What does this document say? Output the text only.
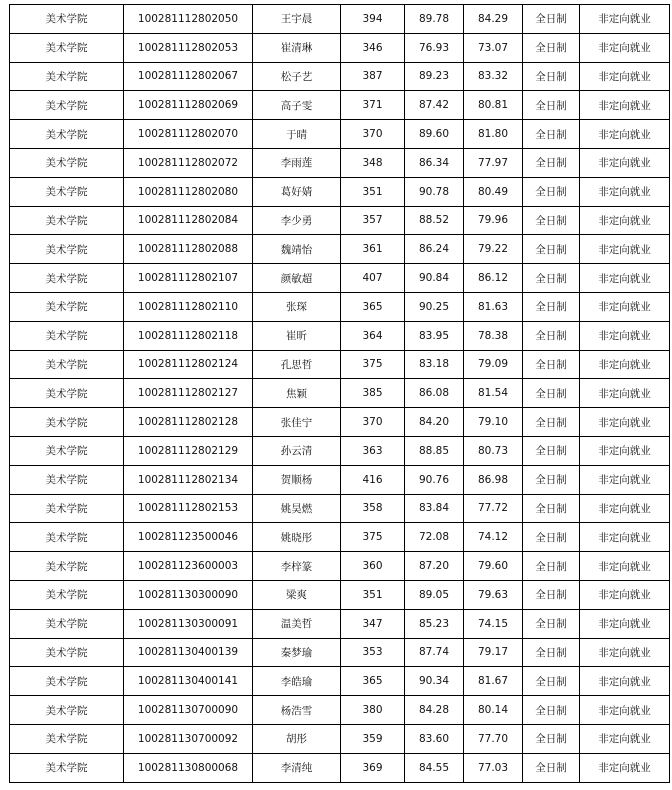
美术学院	100281112802050	王宇晨	394	89.78	84.29	全日制	非定向就业
美术学院	100281112802053	崔清琳	346	76.93	73.07	全日制	非定向就业
美术学院	100281112802067	松子艺	387	89.23	83.32	全日制	非定向就业
美术学院	100281112802069	高子雯	371	87.42	80.81	全日制	非定向就业
美术学院	100281112802070	于晴	370	89.60	81.80	全日制	非定向就业
美术学院	100281112802072	李雨莲	348	86.34	77.97	全日制	非定向就业
美术学院	100281112802080	葛好婧	351	90.78	80.49	全日制	非定向就业
美术学院	100281112802084	李少勇	357	88.52	79.96	全日制	非定向就业
美术学院	100281112802088	魏靖怡	361	86.24	79.22	全日制	非定向就业
美术学院	100281112802107	颜敏超	407	90.84	86.12	全日制	非定向就业
美术学院	100281112802110	张琛	365	90.25	81.63	全日制	非定向就业
美术学院	100281112802118	崔昕	364	83.95	78.38	全日制	非定向就业
美术学院	100281112802124	孔思哲	375	83.18	79.09	全日制	非定向就业
美术学院	100281112802127	焦颖	385	86.08	81.54	全日制	非定向就业
美术学院	100281112802128	张佳宁	370	84.20	79.10	全日制	非定向就业
美术学院	100281112802129	孙云清	363	88.85	80.73	全日制	非定向就业
美术学院	100281112802134	贺顺杨	416	90.76	86.98	全日制	非定向就业
美术学院	100281112802153	姚昊燃	358	83.84	77.72	全日制	非定向就业
美术学院	100281123500046	姚晓彤	375	72.08	74.12	全日制	非定向就业
美术学院	100281123600003	李梓篆	360	87.20	79.60	全日制	非定向就业
美术学院	100281130300090	梁爽	351	89.05	79.63	全日制	非定向就业
美术学院	100281130300091	温美哲	347	85.23	74.15	全日制	非定向就业
美术学院	100281130400139	秦梦瑜	353	87.74	79.17	全日制	非定向就业
美术学院	100281130400141	李皓瑜	365	90.34	81.67	全日制	非定向就业
美术学院	100281130700090	杨浩雪	380	84.28	80.14	全日制	非定向就业
美术学院	100281130700092	胡彤	359	83.60	77.70	全日制	非定向就业
美术学院	100281130800068	李清纯	369	84.55	77.03	全日制	非定向就业
